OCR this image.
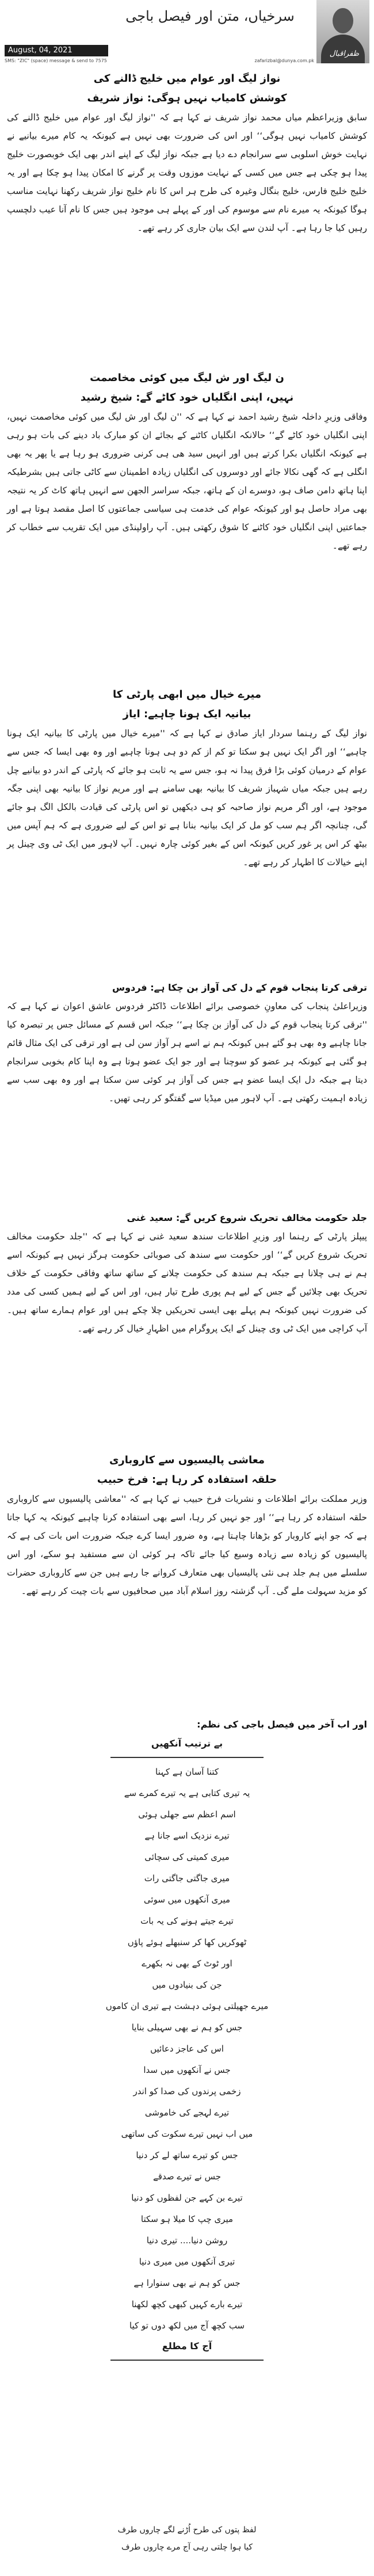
سرخیاں، متن اور فیصل باجی
ظفراقبال
August, 04, 2021
SMS: "ZIC" (space) message & send to 7575	zafarizbal@dunya.com.pk
نواز لیگ اور عوام میں خلیج ڈالنے کی
کوشش کامیاب نہیں ہوگی: نواز شریف
سابق وزیراعظم میاں محمد نواز شریف نے کہا ہے کہ ''نواز لیگ اور عوام میں خلیج ڈالنے کی کوشش کامیاب نہیں ہوگی‘‘ اور اس کی ضرورت بھی نہیں ہے کیونکہ یہ کام میرے بیانیے نے نہایت خوش اسلوبی سے سرانجام دے دیا ہے جبکہ نواز لیگ کے اپنے اندر بھی ایک خوبصورت خلیج پیدا ہو چکی ہے جس میں کسی کے نہایت موزوں وقت پر گرنے کا امکان پیدا ہو چکا ہے اور یہ خلیج خلیج فارس، خلیج بنگال وغیرہ کی طرح ہر اس کا نام خلیج نواز شریف رکھنا نہایت مناسب ہوگا کیونکہ یہ میرے نام سے موسوم کی اور کے پہلے ہی موجود ہیں جس کا نام آنا عیب دلچسپ رہیں کیا جا رہا ہے۔ آپ لندن سے ایک بیان جاری کر رہے تھے۔
ن لیگ اور ش لیگ میں کوئی مخاصمت
نہیں، اپنی انگلیاں خود کاٹے گے: شیخ رشید
وفاقی وزیرِ داخلہ شیخ رشید احمد نے کہا ہے کہ ''ن لیگ اور ش لیگ میں کوئی مخاصمت نہیں، اپنی انگلیاں خود کاٹے گے‘‘ حالانکہ انگلیاں کاٹنے کے بجائے ان کو مبارک باد دینے کی بات ہو رہی ہے کیونکہ انگلیاں بکرا کرتے ہیں اور انہیں سید ھی ہی کرنی ضروری ہو رہا ہے یا پھر یہ بھی انگلی ہے کہ گھی نکالا جائے اور دوسروں کی انگلیاں زیادہ اطمینان سے کاٹی جاتی ہیں بشرطیکہ اپنا ہاتھ دامن صاف ہو، دوسرے ان کے ہاتھ، جبکہ سراسر الجھن سے انہیں ہاتھ کاٹ کر یہ نتیجہ بھی مراد حاصل ہو اور کیونکہ عوام کی خدمت ہی سیاسی جماعتوں کا اصل مقصد ہوتا ہے اور جماعتیں اپنی انگلیاں خود کاٹنے کا شوق رکھتی ہیں۔ آپ راولپنڈی میں ایک تقریب سے خطاب کر رہے تھے۔
میرے خیال میں ابھی پارٹی کا
بیانیہ ایک ہونا چاہیے: ایاز
نواز لیگ کے رہنما سردار ایاز صادق نے کہا ہے کہ ''میرے خیال میں پارٹی کا بیانیہ ایک ہونا چاہیے‘‘ اور اگر ایک نہیں ہو سکتا تو کم از کم دو ہی ہونا چاہیے اور وہ بھی ایسا کہ جس سے عوام کے درمیان کوئی بڑا فرق پیدا نہ ہو، جس سے یہ ثابت ہو جائے کہ پارٹی کے اندر دو بیانیے چل رہے ہیں جبکہ میاں شہباز شریف کا بیانیہ بھی سامنے ہے اور مریم نواز کا بیانیہ بھی اپنی جگہ موجود ہے، اور اگر مریم نواز صاحبہ کو ہی دیکھیں تو اس پارٹی کی قیادت بالکل الگ ہو جائے گی، چنانچہ اگر ہم سب کو مل کر ایک بیانیہ بنانا ہے تو اس کے لیے ضروری ہے کہ ہم آپس میں بیٹھ کر اس پر غور کریں کیونکہ اس کے بغیر کوئی چارہ نہیں۔ آپ لاہور میں ایک ٹی وی چینل پر اپنے خیالات کا اظہار کر رہے تھے۔
ترقی کرتا پنجاب قوم کے دل کی آواز بن چکا ہے: فردوس
وزیراعلیٰ پنجاب کی معاونِ خصوصی برائے اطلاعات ڈاکٹر فردوس عاشق اعوان نے کہا ہے کہ ''ترقی کرتا پنجاب قوم کے دل کی آواز بن چکا ہے‘‘ جبکہ اس قسم کے مسائل جس پر تبصرہ کیا جانا چاہیے وہ بھی ہو گئے ہیں کیونکہ ہم نے اسے ہر آواز سن لی ہے اور ترقی کی ایک مثال قائم ہو گئی ہے کیونکہ ہر عضو کو سوچنا ہے اور جو ایک عضو ہوتا ہے وہ اپنا کام بخوبی سرانجام دیتا ہے جبکہ دل ایک ایسا عضو ہے جس کی آواز ہر کوئی سن سکتا ہے اور وہ بھی سب سے زیادہ اہمیت رکھتی ہے۔ آپ لاہور میں میڈیا سے گفتگو کر رہی تھیں۔
جلد حکومت مخالف تحریک شروع کریں گے: سعید غنی
پیپلز پارٹی کے رہنما اور وزیرِ اطلاعات سندھ سعید غنی نے کہا ہے کہ ''جلد حکومت مخالف تحریک شروع کریں گے‘‘ اور حکومت سے سندھ کی صوبائی حکومت ہرگز نہیں ہے کیونکہ اسے ہم نے ہی چلانا ہے جبکہ ہم سندھ کی حکومت چلانے کے ساتھ ساتھ وفاقی حکومت کے خلاف تحریک بھی چلائیں گے جس کے لیے ہم پوری طرح تیار ہیں، اور اس کے لیے ہمیں کسی کی مدد کی ضرورت نہیں کیونکہ ہم پہلے بھی ایسی تحریکیں چلا چکے ہیں اور عوام ہمارے ساتھ ہیں۔ آپ کراچی میں ایک ٹی وی چینل کے ایک پروگرام میں اظہارِ خیال کر رہے تھے۔
معاشی پالیسیوں سے کاروباری
حلقہ استفادہ کر رہا ہے: فرخ حبیب
وزیر مملکت برائے اطلاعات و نشریات فرخ حبیب نے کہا ہے کہ ''معاشی پالیسیوں سے کاروباری حلقہ استفادہ کر رہا ہے‘‘ اور جو نہیں کر رہا، اسے بھی استفادہ کرنا چاہیے کیونکہ یہ کہا جاتا ہے کہ جو اپنے کاروبار کو بڑھانا چاہتا ہے، وہ ضرور ایسا کرے جبکہ ضرورت اس بات کی ہے کہ پالیسیوں کو زیادہ سے زیادہ وسیع کیا جائے تاکہ ہر کوئی ان سے مستفید ہو سکے، اور اس سلسلے میں ہم جلد ہی نئی پالیسیاں بھی متعارف کروانے جا رہے ہیں جن سے کاروباری حضرات کو مزید سہولت ملے گی۔ آپ گزشتہ روز اسلام آباد میں صحافیوں سے بات چیت کر رہے تھے۔
اور اب آخر میں فیصل باجی کی نظم:
بے ترتیب آنکھیں
کتنا آسان ہے کہنا
یہ تیری کتابی ہے یہ تیرے کمرے سے
اسم اعظم سے جھلی ہوئی
تیرے نزدیک اسے جانا ہے
میری کمیتی کی سچائی
میری جاگتی جاگتی رات
میری آنکھوں میں سوئی
تیرے جیتے ہونے کی یہ بات
ٹھوکریں کھا کر سنبھلے ہوئے پاؤں
اور ٹوٹ کے بھی نہ بکھرے
جن کی بنیادوں میں
میرے جھیلتی ہوئی دہشت ہے تیری ان کاموں
جس کو ہم نے بھی سہیلی بنایا
اس کی عاجز دعائیں
جس نے آنکھوں میں سدا
زخمی پرندوں کی صدا کو اندر
تیرے لہجے کی خاموشی
میں اب نہیں تیرے سکوت کی ساتھی
جس کو تیرے ساتھ لے کر دنیا
جس نے تیرے صدقے
تیرے بن کہے جن لفظوں کو دنیا
میری چپ کا میلا ہو سکتا
روشن دنیا.... تیری دنیا
تیری آنکھوں میں میری دنیا
جس کو ہم نے بھی سنوارا ہے
تیرے بارے کہیں کبھی کچھ لکھنا
سب کچھ آج میں لکھ دوں تو کیا
آج کا مطلع
لفظ پتوں کی طرح اُڑنے لگے چاروں طرف
کیا ہوا چلتی رہی آج مرے چاروں طرف
